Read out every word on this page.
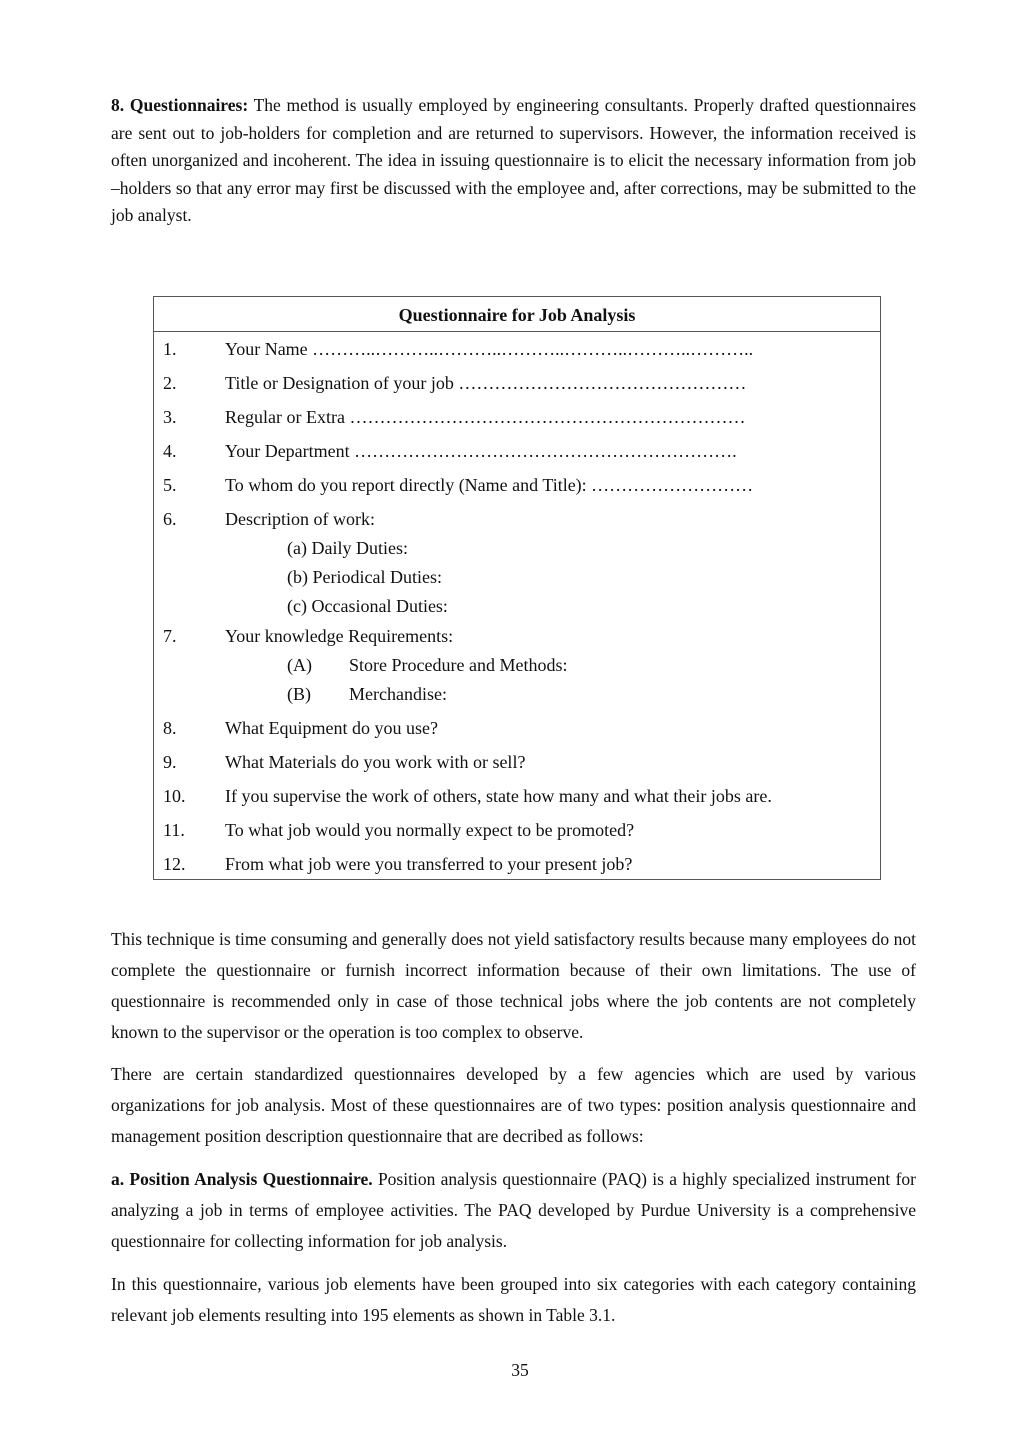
8. Questionnaires: The method is usually employed by engineering consultants. Properly drafted questionnaires are sent out to job-holders for completion and are returned to supervisors. However, the information received is often unorganized and incoherent. The idea in issuing questionnaire is to elicit the necessary information from job –holders so that any error may first be discussed with the employee and, after corrections, may be submitted to the job analyst.

Questionnaire for Job Analysis
1.	Your Name ………..………..………..………..………..………..………..
2.	Title or Designation of your job …………………………………………
3.	Regular or Extra …………………………………………………………
4.	Your Department ……………………………………………………….
5.	To whom do you report directly (Name and Title): ………………………
6.	Description of work:
(a) Daily Duties:
(b) Periodical Duties:
(c) Occasional Duties:
7.	Your knowledge Requirements:
(A) Store Procedure and Methods:
(B) Merchandise:
8.	What Equipment do you use?
9.	What Materials do you work with or sell?
10. If you supervise the work of others, state how many and what their jobs are.
11. To what job would you normally expect to be promoted?
12. From what job were you transferred to your present job?

This technique is time consuming and generally does not yield satisfactory results because many employees do not complete the questionnaire or furnish incorrect information because of their own limitations. The use of questionnaire is recommended only in case of those technical jobs where the job contents are not completely known to the supervisor or the operation is too complex to observe.

There are certain standardized questionnaires developed by a few agencies which are used by various organizations for job analysis. Most of these questionnaires are of two types: position analysis questionnaire and management position description questionnaire that are decribed as follows:

a. Position Analysis Questionnaire. Position analysis questionnaire (PAQ) is a highly specialized instrument for analyzing a job in terms of employee activities. The PAQ developed by Purdue University is a comprehensive questionnaire for collecting information for job analysis.

In this questionnaire, various job elements have been grouped into six categories with each category containing relevant job elements resulting into 195 elements as shown in Table 3.1.

35
